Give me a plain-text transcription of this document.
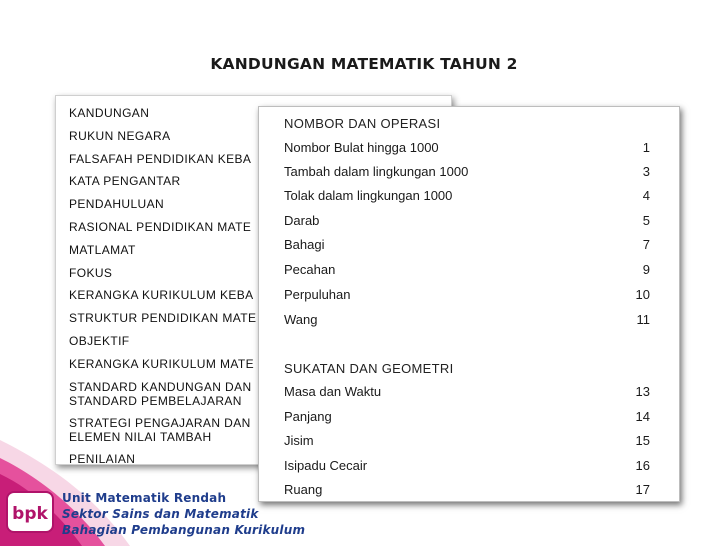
KANDUNGAN MATEMATIK TAHUN 2
KANDUNGAN
RUKUN NEGARA
FALSAFAH PENDIDIKAN KEBA
KATA PENGANTAR
PENDAHULUAN
RASIONAL PENDIDIKAN MATE
MATLAMAT
FOKUS
KERANGKA KURIKULUM KEBA
STRUKTUR PENDIDIKAN MATE
OBJEKTIF
KERANGKA KURIKULUM MATE
STANDARD KANDUNGAN DAN
STANDARD PEMBELAJARAN
STRATEGI PENGAJARAN DAN
ELEMEN NILAI TAMBAH
PENILAIAN
NOMBOR DAN OPERASI
Nombor Bulat hingga 1000	1
Tambah dalam lingkungan 1000	3
Tolak dalam lingkungan 1000	4
Darab	5
Bahagi	7
Pecahan	9
Perpuluhan	10
Wang	11
SUKATAN DAN GEOMETRI
Masa dan Waktu	13
Panjang	14
Jisim	15
Isipadu Cecair	16
Ruang	17
bpk
Unit Matematik Rendah
Sektor Sains dan Matematik
Bahagian Pembangunan Kurikulum
